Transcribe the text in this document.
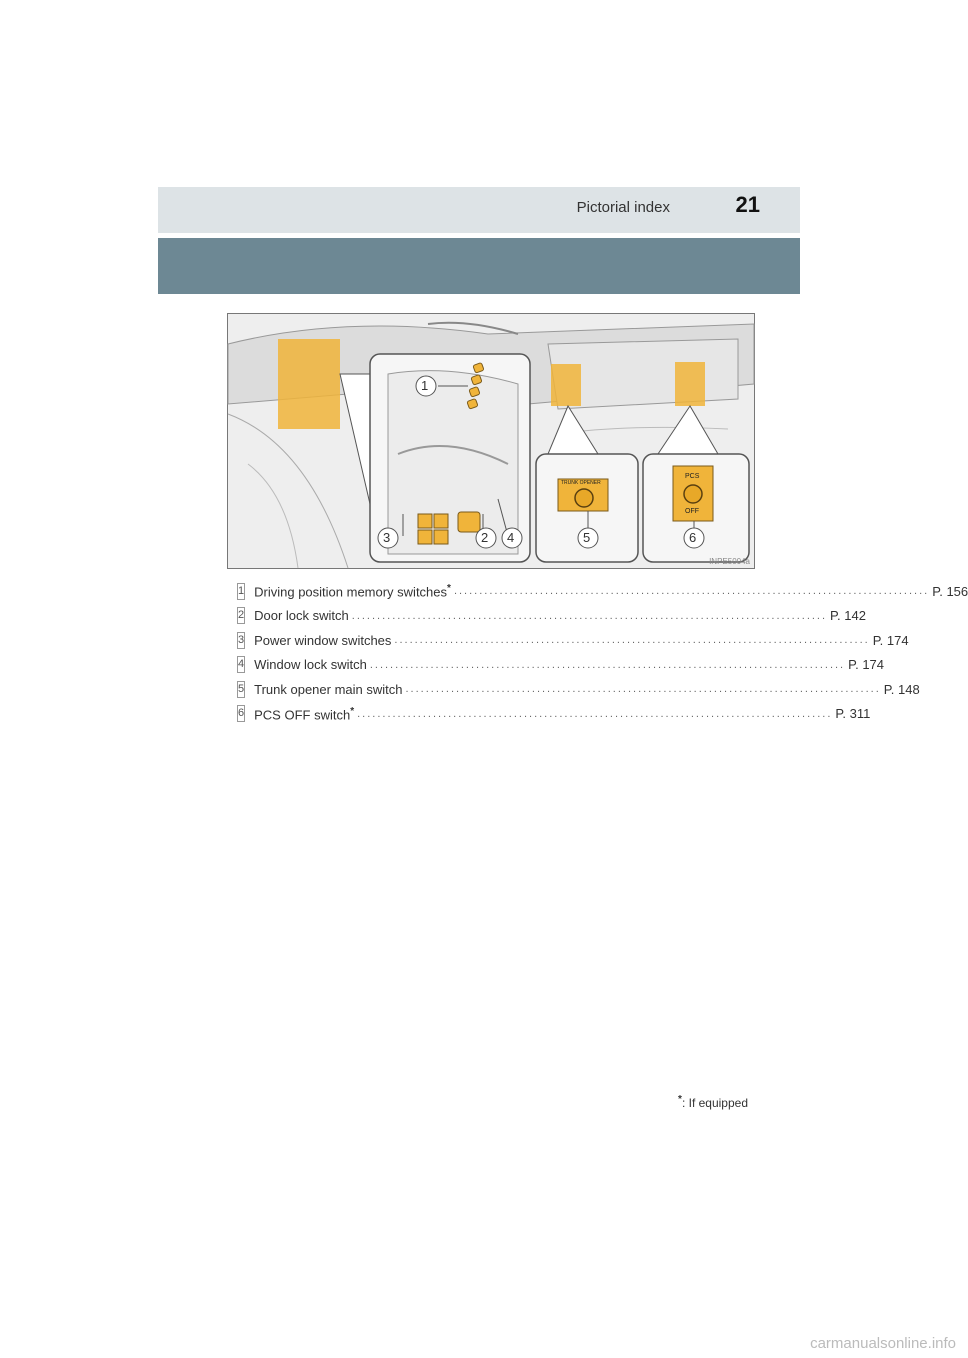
Pictorial index	21
1
3	2 4	5	6
TRUNK OPENER
PCS
OFF
INPE5004a
1 Driving position memory switches* .............................................................................................. P. 156
2 Door lock switch .............................................................................................. P. 142
3 Power window switches .............................................................................................. P. 174
4 Window lock switch .............................................................................................. P. 174
5 Trunk opener main switch .............................................................................................. P. 148
6 PCS OFF switch* .............................................................................................. P. 311
*: If equipped
carmanualsonline.info
